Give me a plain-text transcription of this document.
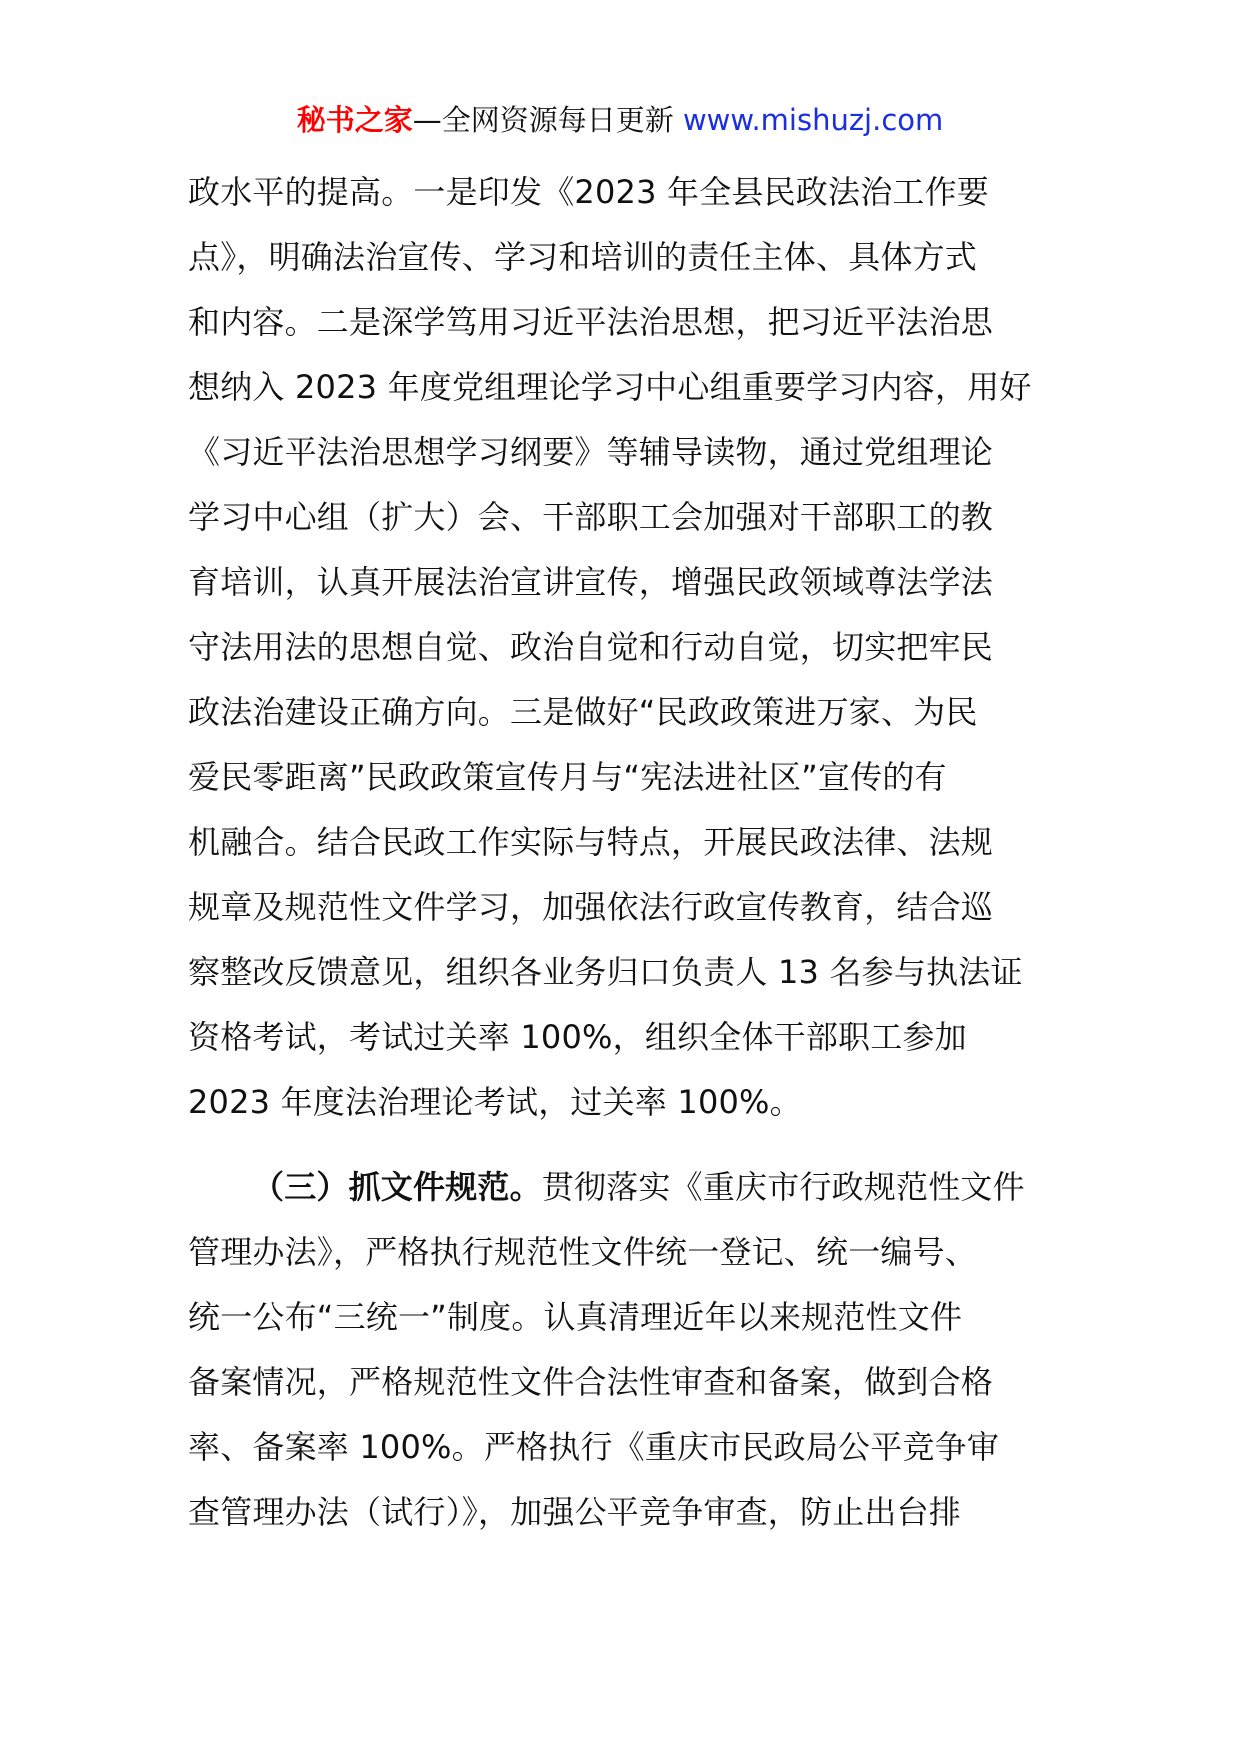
秘书之家—全网资源每日更新 www.mishuzj.com
政水平的提高。一是印发《2023 年全县民政法治工作要
点》，明确法治宣传、学习和培训的责任主体、具体方式
和内容。二是深学笃用习近平法治思想，把习近平法治思
想纳入 2023 年度党组理论学习中心组重要学习内容，用好
《习近平法治思想学习纲要》等辅导读物，通过党组理论
学习中心组（扩大）会、干部职工会加强对干部职工的教
育培训，认真开展法治宣讲宣传，增强民政领域尊法学法
守法用法的思想自觉、政治自觉和行动自觉，切实把牢民
政法治建设正确方向。三是做好“民政政策进万家、为民
爱民零距离”民政政策宣传月与“宪法进社区”宣传的有
机融合。结合民政工作实际与特点，开展民政法律、法规
规章及规范性文件学习，加强依法行政宣传教育，结合巡
察整改反馈意见，组织各业务归口负责人 13 名参与执法证
资格考试，考试过关率 100%，组织全体干部职工参加
2023 年度法治理论考试，过关率 100%。
（三）抓文件规范。贯彻落实《重庆市行政规范性文件
管理办法》，严格执行规范性文件统一登记、统一编号、
统一公布“三统一”制度。认真清理近年以来规范性文件
备案情况，严格规范性文件合法性审查和备案，做到合格
率、备案率 100%。严格执行《重庆市民政局公平竞争审
查管理办法（试行）》，加强公平竞争审查，防止出台排
